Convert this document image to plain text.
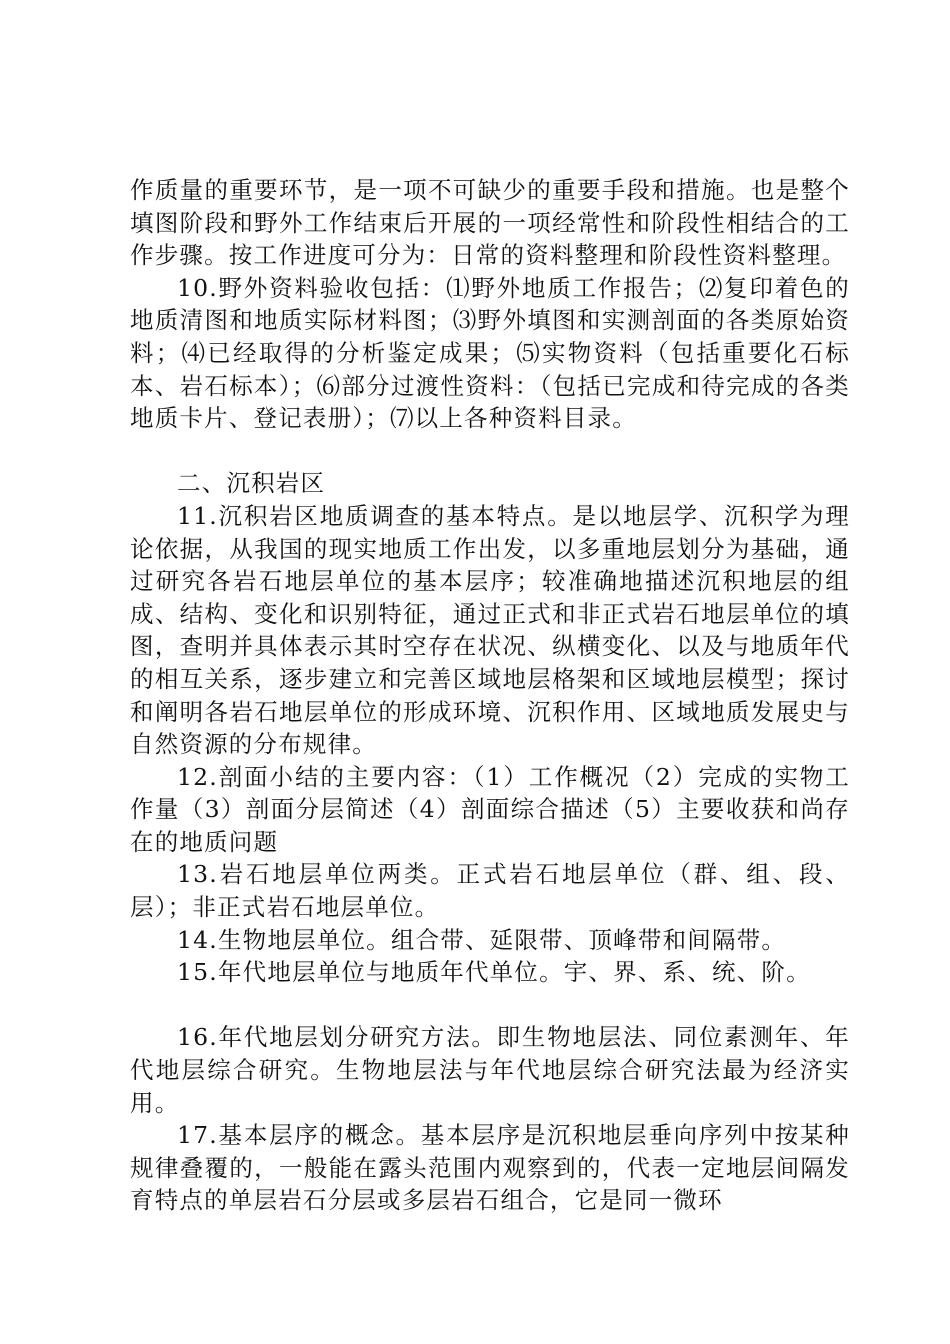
作质量的重要环节，是一项不可缺少的重要手段和措施。也是整个填图阶段和野外工作结束后开展的一项经常性和阶段性相结合的工作步骤。按工作进度可分为：日常的资料整理和阶段性资料整理。

10.野外资料验收包括：⑴野外地质工作报告；⑵复印着色的地质清图和地质实际材料图；⑶野外填图和实测剖面的各类原始资料；⑷已经取得的分析鉴定成果；⑸实物资料（包括重要化石标本、岩石标本）；⑹部分过渡性资料：（包括已完成和待完成的各类地质卡片、登记表册）；⑺以上各种资料目录。

二、沉积岩区

11.沉积岩区地质调查的基本特点。是以地层学、沉积学为理论依据，从我国的现实地质工作出发，以多重地层划分为基础，通过研究各岩石地层单位的基本层序；较准确地描述沉积地层的组成、结构、变化和识别特征，通过正式和非正式岩石地层单位的填图，查明并具体表示其时空存在状况、纵横变化、以及与地质年代的相互关系，逐步建立和完善区域地层格架和区域地层模型；探讨和阐明各岩石地层单位的形成环境、沉积作用、区域地质发展史与自然资源的分布规律。

12.剖面小结的主要内容：（1）工作概况（2）完成的实物工作量（3）剖面分层简述（4）剖面综合描述（5）主要收获和尚存在的地质问题

13.岩石地层单位两类。正式岩石地层单位（群、组、段、层）；非正式岩石地层单位。

14.生物地层单位。组合带、延限带、顶峰带和间隔带。

15.年代地层单位与地质年代单位。宇、界、系、统、阶。

16.年代地层划分研究方法。即生物地层法、同位素测年、年代地层综合研究。生物地层法与年代地层综合研究法最为经济实用。

17.基本层序的概念。基本层序是沉积地层垂向序列中按某种规律叠覆的，一般能在露头范围内观察到的，代表一定地层间隔发育特点的单层岩石分层或多层岩石组合，它是同一微环
